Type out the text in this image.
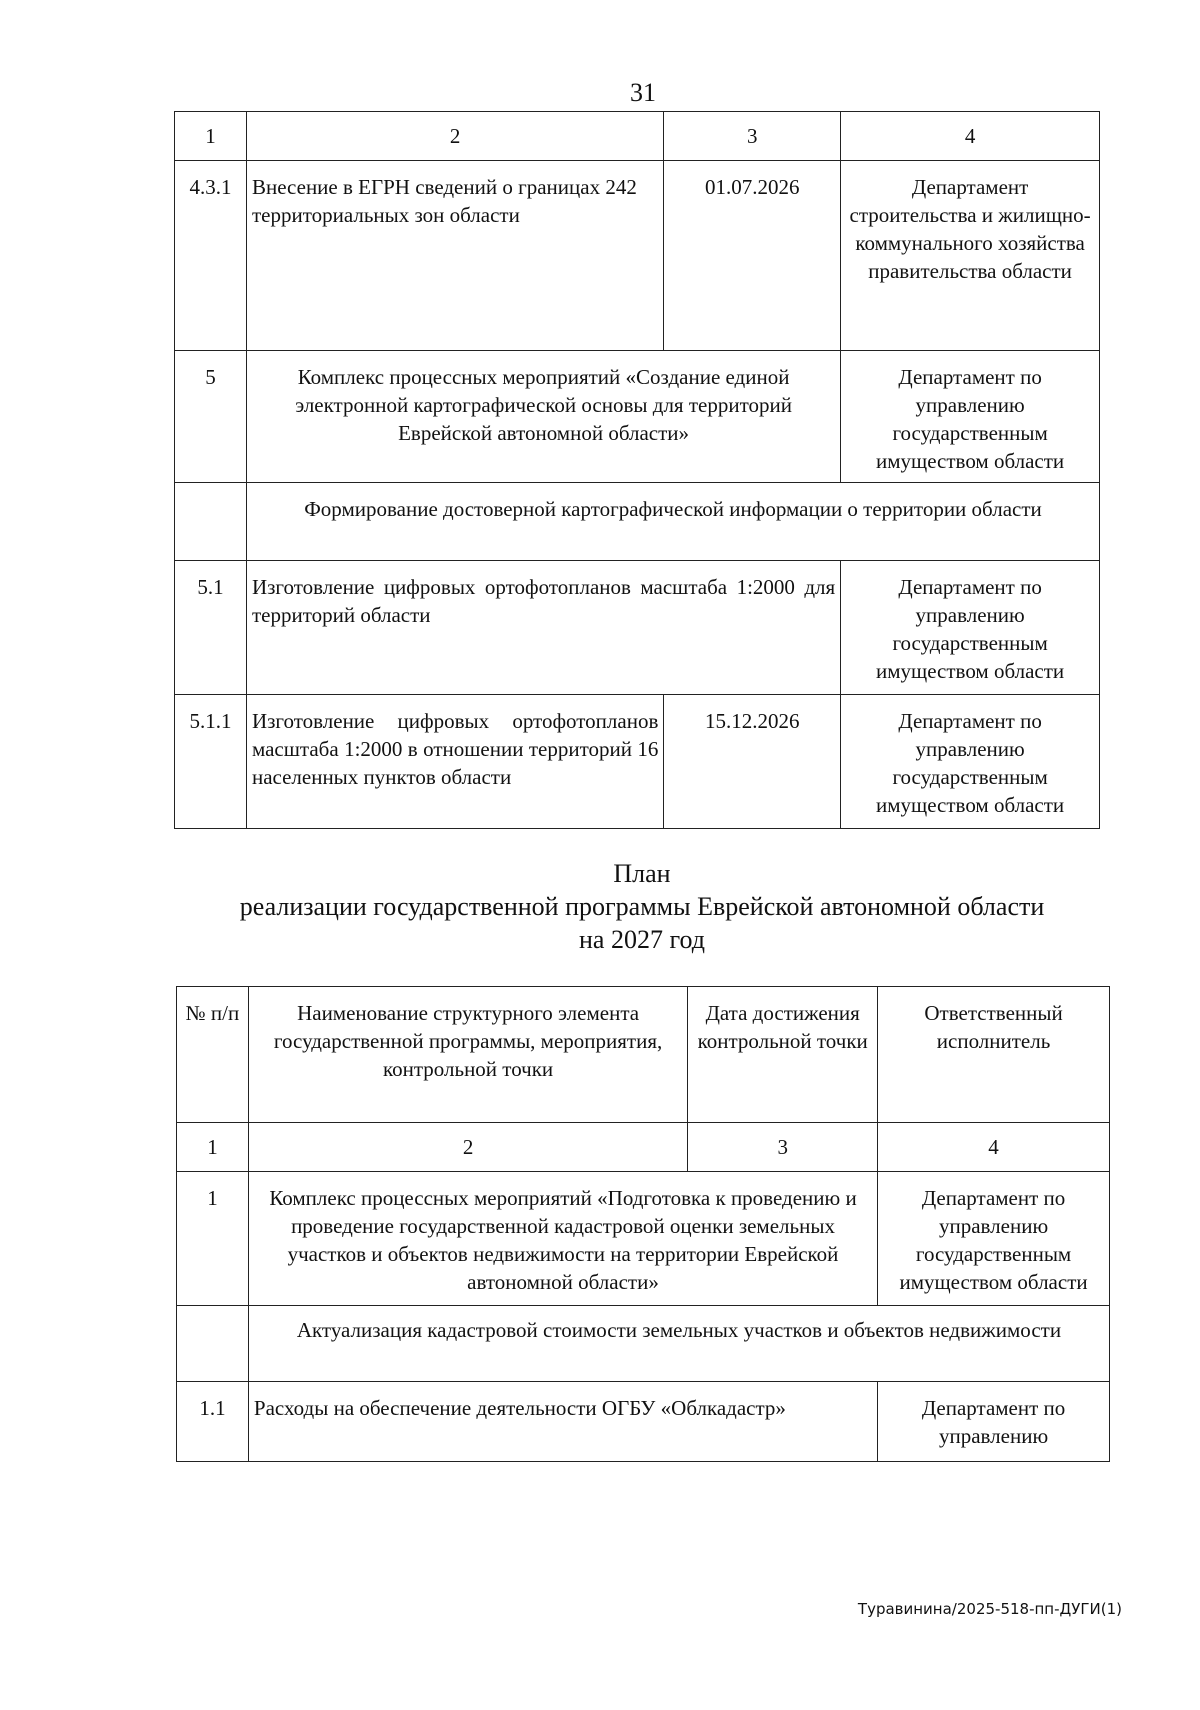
31
1	2	3	4
4.3.1	Внесение в ЕГРН сведений о границах 242 территориальных зон области	01.07.2026	Департамент строительства и жилищно-коммунального хозяйства правительства области
5	Комплекс процессных мероприятий «Создание единой электронной картографической основы для территорий Еврейской автономной области»		Департамент по управлению государственным имуществом области
	Формирование достоверной картографической информации о территории области		
5.1	Изготовление цифровых ортофотопланов масштаба 1:2000 для территорий области		Департамент по управлению государственным имуществом области
5.1.1	Изготовление цифровых ортофотопланов масштаба 1:2000 в отношении территорий 16 населенных пунктов области	15.12.2026	Департамент по управлению государственным имуществом области
План
реализации государственной программы Еврейской автономной области
на 2027 год
№ п/п	Наименование структурного элемента государственной программы, мероприятия, контрольной точки	Дата достижения контрольной точки	Ответственный исполнитель
1	2	3	4
1	Комплекс процессных мероприятий «Подготовка к проведению и проведение государственной кадастровой оценки земельных участков и объектов недвижимости на территории Еврейской автономной области»		Департамент по управлению государственным имуществом области
	Актуализация кадастровой стоимости земельных участков и объектов недвижимости		
1.1	Расходы на обеспечение деятельности ОГБУ «Облкадастр»		Департамент по управлению
Туравинина/2025-518-пп-ДУГИ(1)
